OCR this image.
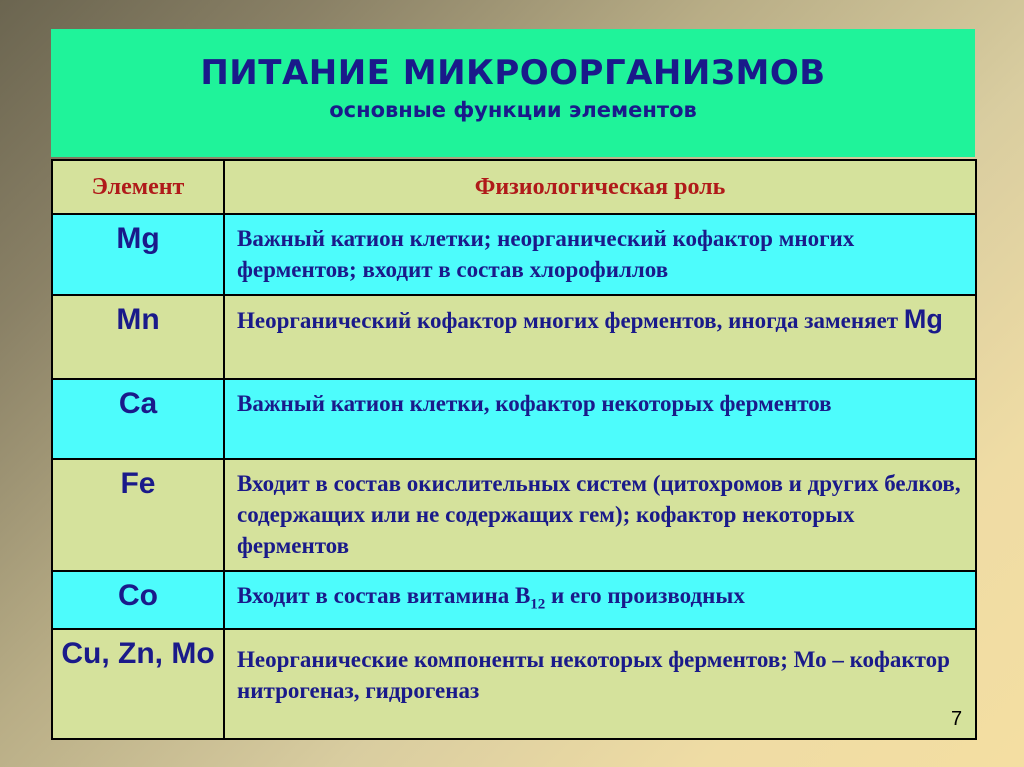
ПИТАНИЕ МИКРООРГАНИЗМОВ
основные функции элементов
Элемент	Физиологическая роль
Mg	Важный катион клетки; неорганический кофактор многих ферментов; входит в состав хлорофиллов
Mn	Неорганический кофактор многих ферментов, иногда заменяет Mg
Ca	Важный катион клетки, кофактор некоторых ферментов
Fe	Входит в состав окислительных систем (цитохромов и других белков, содержащих или не содержащих гем); кофактор некоторых ферментов
Co	Входит в состав витамина $В_{12}$ и его производных
Cu, Zn, Mo	Неорганические компоненты некоторых ферментов; Мо – кофактор нитрогеназ, гидрогеназ
7
